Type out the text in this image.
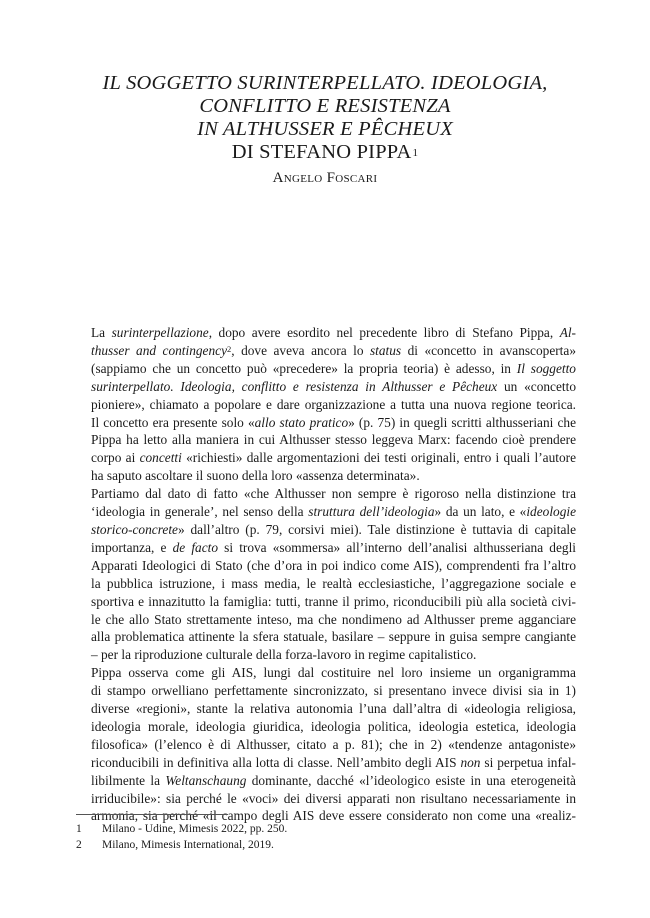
IL SOGGETTO SURINTERPELLATO. IDEOLOGIA,
CONFLITTO E RESISTENZA
IN ALTHUSSER E PÊCHEUX
DI STEFANO PIPPA$^1$
Angelo Foscari

La surinterpellazione, dopo avere esordito nel precedente libro di Stefano Pippa, Al-
thusser and contingency$^2$, dove aveva ancora lo status di «concetto in avanscoperta»
(sappiamo che un concetto può «precedere» la propria teoria) è adesso, in Il soggetto
surinterpellato. Ideologia, conflitto e resistenza in Althusser e Pêcheux un «concetto
pioniere», chiamato a popolare e dare organizzazione a tutta una nuova regione teorica.
Il concetto era presente solo «allo stato pratico» (p. 75) in quegli scritti althusseriani che
Pippa ha letto alla maniera in cui Althusser stesso leggeva Marx: facendo cioè prendere
corpo ai concetti «richiesti» dalle argomentazioni dei testi originali, entro i quali l’autore
ha saputo ascoltare il suono della loro «assenza determinata».

Partiamo dal dato di fatto «che Althusser non sempre è rigoroso nella distinzione tra
‘ideologia in generale’, nel senso della struttura dell’ideologia» da un lato, e «ideologie
storico-concrete» dall’altro (p. 79, corsivi miei). Tale distinzione è tuttavia di capitale
importanza, e de facto si trova «sommersa» all’interno dell’analisi althusseriana degli
Apparati Ideologici di Stato (che d’ora in poi indico come AIS), comprendenti fra l’altro
la pubblica istruzione, i mass media, le realtà ecclesiastiche, l’aggregazione sociale e
sportiva e innazitutto la famiglia: tutti, tranne il primo, riconducibili più alla società civi-
le che allo Stato strettamente inteso, ma che nondimeno ad Althusser preme agganciare
alla problematica attinente la sfera statuale, basilare – seppure in guisa sempre cangiante
– per la riproduzione culturale della forza-lavoro in regime capitalistico.

Pippa osserva come gli AIS, lungi dal costituire nel loro insieme un organigramma
di stampo orwelliano perfettamente sincronizzato, si presentano invece divisi sia in 1)
diverse «regioni», stante la relativa autonomia l’una dall’altra di «ideologia religiosa,
ideologia morale, ideologia giuridica, ideologia politica, ideologia estetica, ideologia
filosofica» (l’elenco è di Althusser, citato a p. 81); che in 2) «tendenze antagoniste»
riconducibili in definitiva alla lotta di classe. Nell’ambito degli AIS non si perpetua infal-
libilmente la Weltanschaung dominante, dacché «l’ideologico esiste in una eterogeneità
irriducibile»: sia perché le «voci» dei diversi apparati non risultano necessariamente in
armonia, sia perché «il campo degli AIS deve essere considerato non come una «realiz-

1	Milano - Udine, Mimesis 2022, pp. 250.
2	Milano, Mimesis International, 2019.
